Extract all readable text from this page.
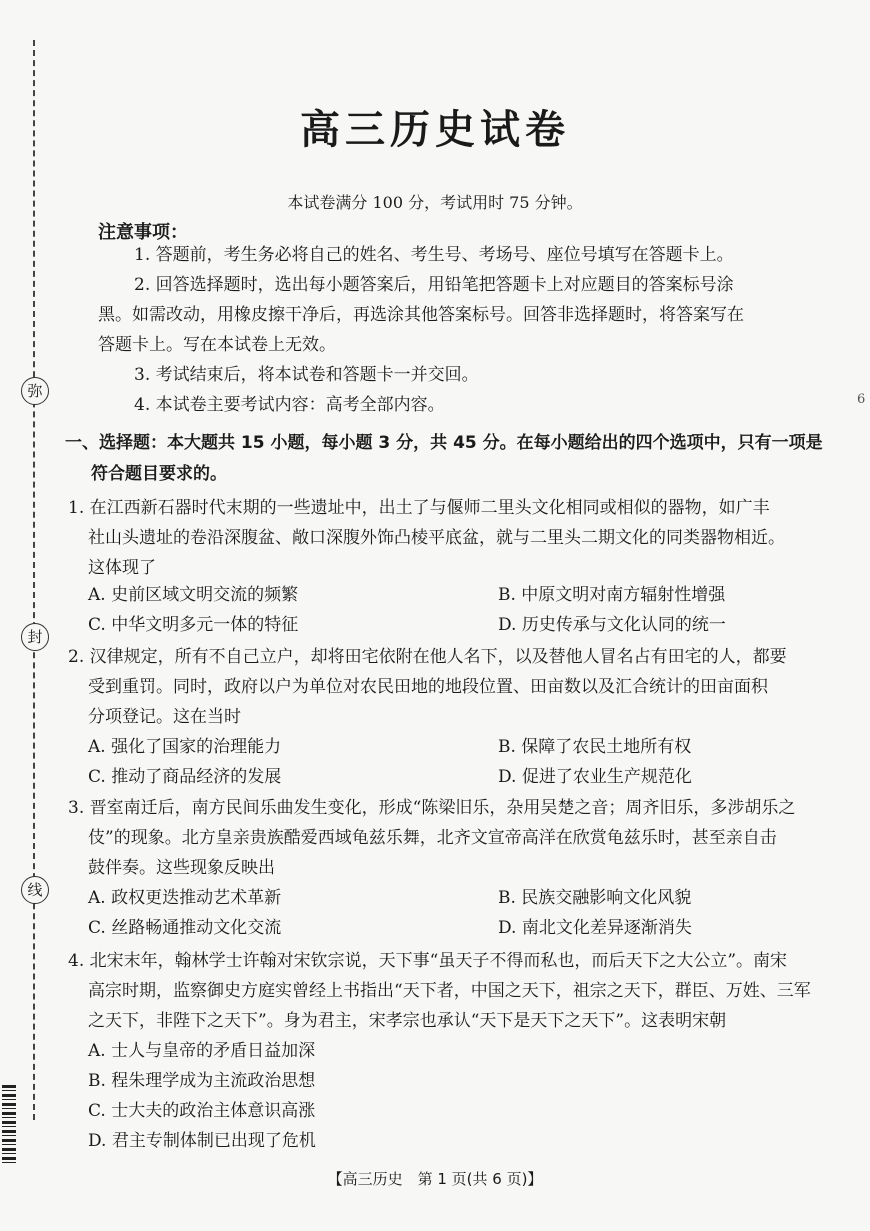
弥
封
线
6
高三历史试卷
本试卷满分 100 分，考试用时 75 分钟。
注意事项：
1. 答题前，考生务必将自己的姓名、考生号、考场号、座位号填写在答题卡上。
2. 回答选择题时，选出每小题答案后，用铅笔把答题卡上对应题目的答案标号涂
黑。如需改动，用橡皮擦干净后，再选涂其他答案标号。回答非选择题时，将答案写在
答题卡上。写在本试卷上无效。
3. 考试结束后，将本试卷和答题卡一并交回。
4. 本试卷主要考试内容：高考全部内容。
一、选择题：本大题共 15 小题，每小题 3 分，共 45 分。在每小题给出的四个选项中，只有一项是
符合题目要求的。
1. 在江西新石器时代末期的一些遗址中，出土了与偃师二里头文化相同或相似的器物，如广丰
社山头遗址的卷沿深腹盆、敞口深腹外饰凸棱平底盆，就与二里头二期文化的同类器物相近。
这体现了
A. 史前区域文明交流的频繁	B. 中原文明对南方辐射性增强
C. 中华文明多元一体的特征	D. 历史传承与文化认同的统一
2. 汉律规定，所有不自己立户，却将田宅依附在他人名下，以及替他人冒名占有田宅的人，都要
受到重罚。同时，政府以户为单位对农民田地的地段位置、田亩数以及汇合统计的田亩面积
分项登记。这在当时
A. 强化了国家的治理能力	B. 保障了农民土地所有权
C. 推动了商品经济的发展	D. 促进了农业生产规范化
3. 晋室南迁后，南方民间乐曲发生变化，形成“陈梁旧乐，杂用吴楚之音；周齐旧乐，多涉胡乐之
伎”的现象。北方皇亲贵族酷爱西域龟兹乐舞，北齐文宣帝高洋在欣赏龟兹乐时，甚至亲自击
鼓伴奏。这些现象反映出
A. 政权更迭推动艺术革新	B. 民族交融影响文化风貌
C. 丝路畅通推动文化交流	D. 南北文化差异逐渐消失
4. 北宋末年，翰林学士许翰对宋钦宗说，天下事“虽天子不得而私也，而后天下之大公立”。南宋
高宗时期，监察御史方庭实曾经上书指出“天下者，中国之天下，祖宗之天下，群臣、万姓、三军
之天下，非陛下之天下”。身为君主，宋孝宗也承认“天下是天下之天下”。这表明宋朝
A. 士人与皇帝的矛盾日益加深
B. 程朱理学成为主流政治思想
C. 士大夫的政治主体意识高涨
D. 君主专制体制已出现了危机
【高三历史　第 1 页(共 6 页)】
